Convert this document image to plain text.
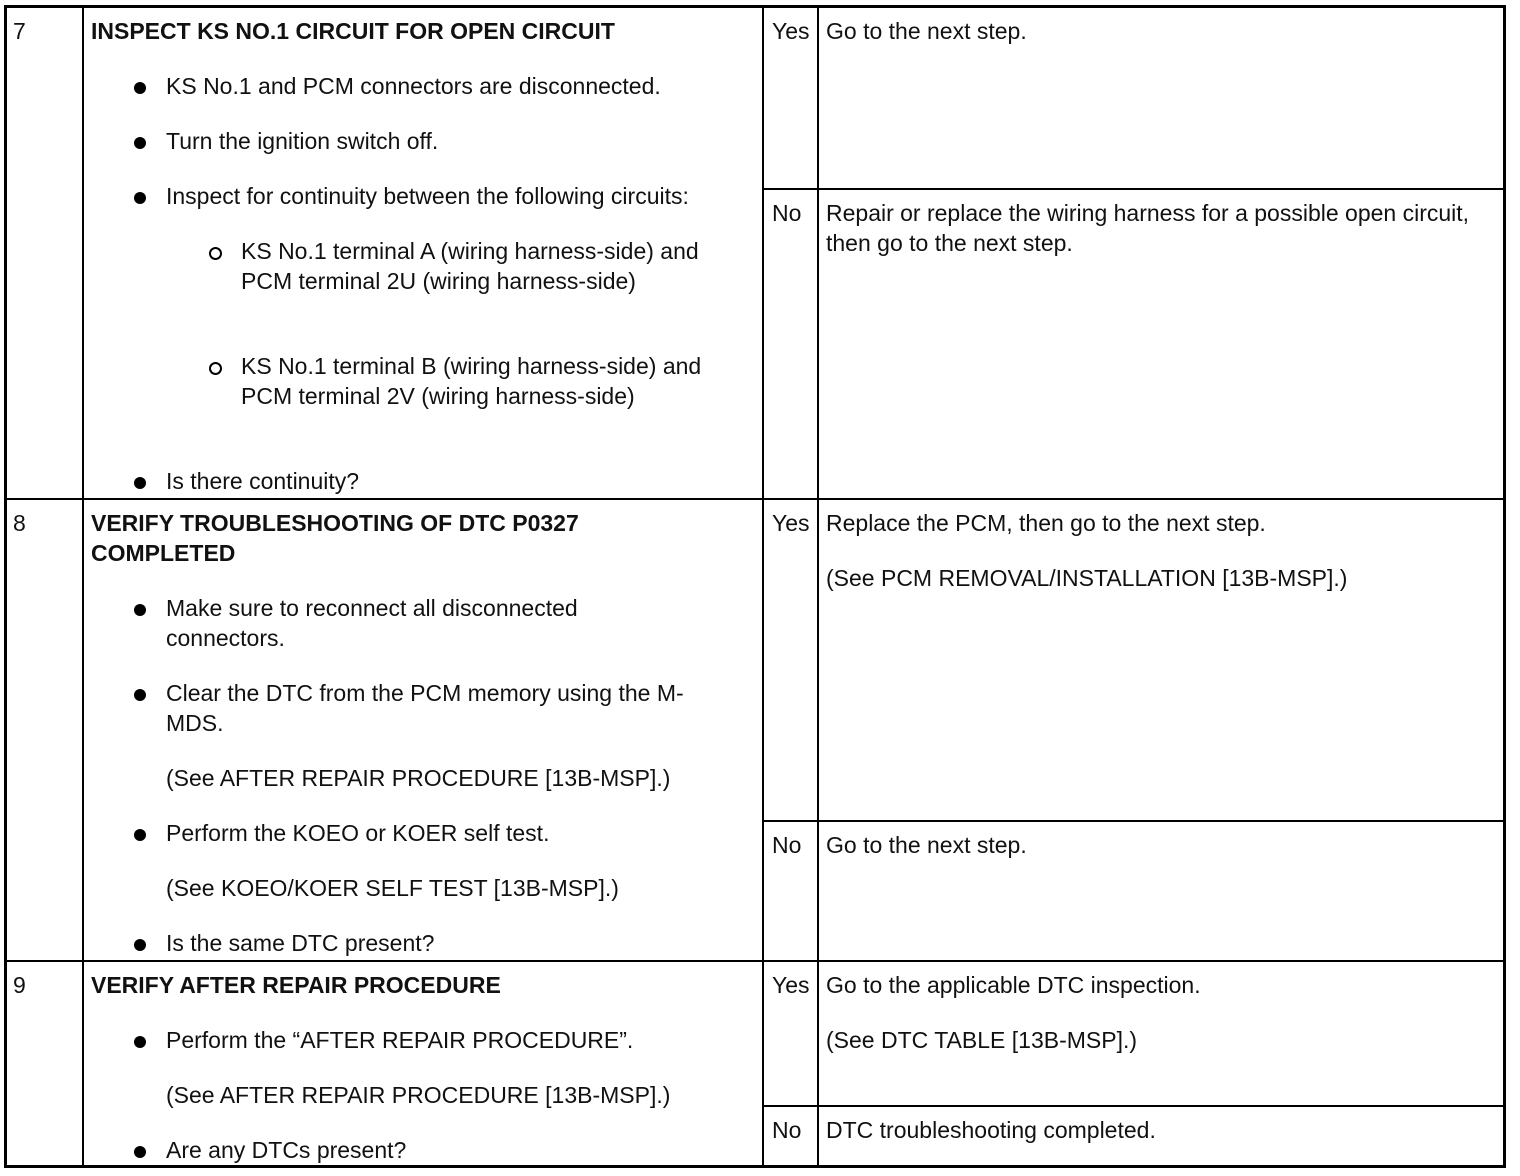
7	INSPECT KS NO.1 CIRCUIT FOR OPEN CIRCUIT
KS No.1 and PCM connectors are disconnected.
Turn the ignition switch off.
Inspect for continuity between the following circuits:
KS No.1 terminal A (wiring harness-side) and PCM terminal 2U (wiring harness-side)
KS No.1 terminal B (wiring harness-side) and PCM terminal 2V (wiring harness-side)
Is there continuity?
Yes Go to the next step.
No Repair or replace the wiring harness for a possible open circuit, then go to the next step.
8	VERIFY TROUBLESHOOTING OF DTC P0327 COMPLETED
Make sure to reconnect all disconnected connectors.
Clear the DTC from the PCM memory using the M-MDS.
(See AFTER REPAIR PROCEDURE [13B-MSP].)
Perform the KOEO or KOER self test.
(See KOEO/KOER SELF TEST [13B-MSP].)
Is the same DTC present?
Yes Replace the PCM, then go to the next step.
(See PCM REMOVAL/INSTALLATION [13B-MSP].)
No Go to the next step.
9	VERIFY AFTER REPAIR PROCEDURE
Perform the “AFTER REPAIR PROCEDURE”.
(See AFTER REPAIR PROCEDURE [13B-MSP].)
Are any DTCs present?
Yes Go to the applicable DTC inspection.
(See DTC TABLE [13B-MSP].)
No DTC troubleshooting completed.
